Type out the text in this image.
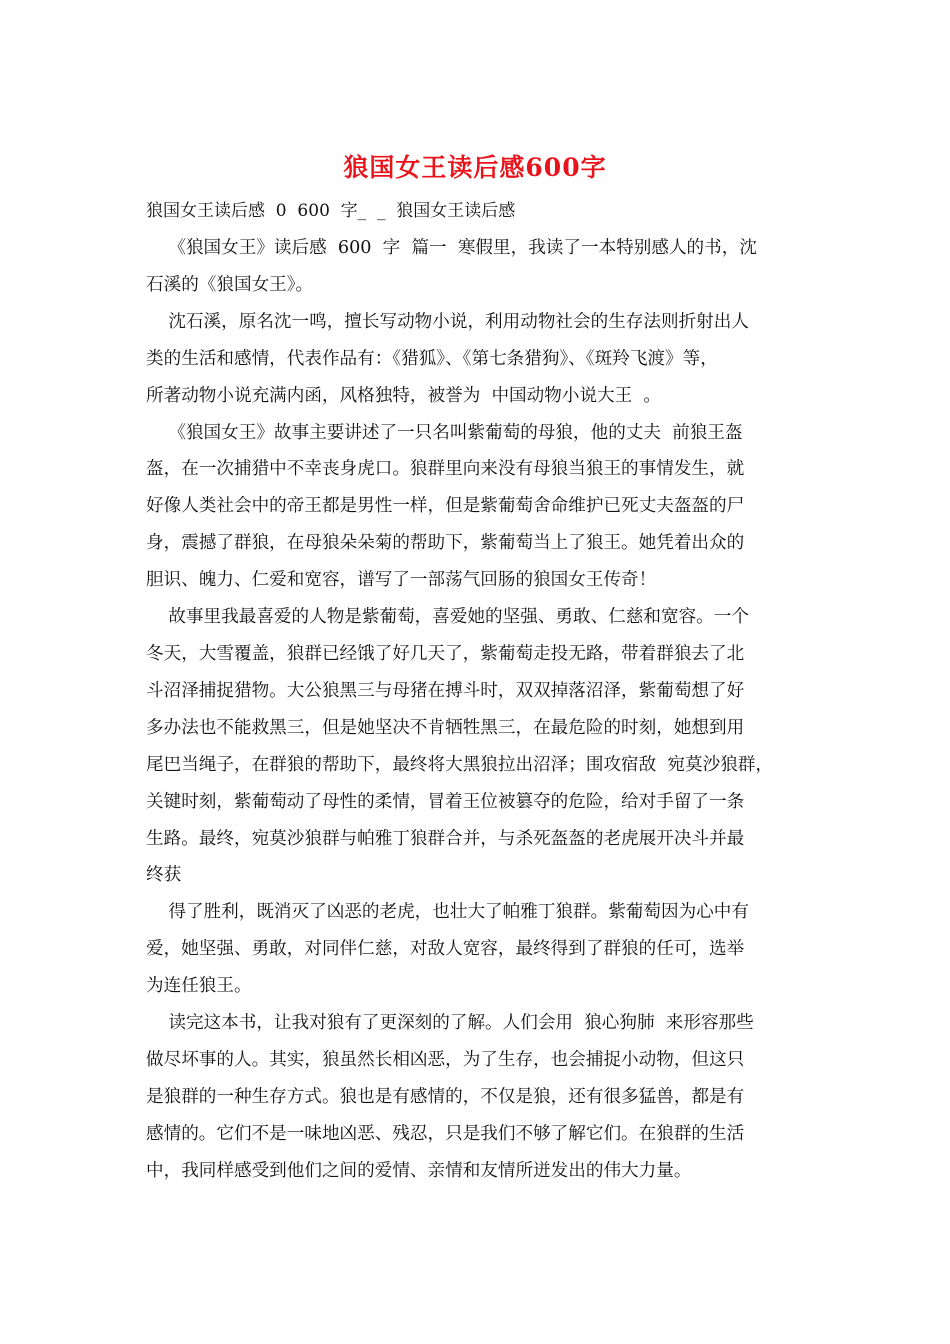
狼国女王读后感600字

狼国女王读后感  0  600  字_  _  狼国女王读后感

《狼国女王》读后感  600  字  篇一  寒假里，我读了一本特别感人的书，沈
石溪的《狼国女王》。

沈石溪，原名沈一鸣，擅长写动物小说，利用动物社会的生存法则折射出人
类的生活和感情，代表作品有：《猎狐》、《第七条猎狗》、《斑羚飞渡》等，
所著动物小说充满内函，风格独特，被誉为  中国动物小说大王  。

《狼国女王》故事主要讲述了一只名叫紫葡萄的母狼，他的丈夫  前狼王盔
盔，在一次捕猎中不幸丧身虎口。狼群里向来没有母狼当狼王的事情发生，就
好像人类社会中的帝王都是男性一样，但是紫葡萄舍命维护已死丈夫盔盔的尸
身，震撼了群狼，在母狼朵朵菊的帮助下，紫葡萄当上了狼王。她凭着出众的
胆识、魄力、仁爱和宽容，谱写了一部荡气回肠的狼国女王传奇！

故事里我最喜爱的人物是紫葡萄，喜爱她的坚强、勇敢、仁慈和宽容。一个
冬天，大雪覆盖，狼群已经饿了好几天了，紫葡萄走投无路，带着群狼去了北
斗沼泽捕捉猎物。大公狼黑三与母猪在搏斗时，双双掉落沼泽，紫葡萄想了好
多办法也不能救黑三，但是她坚决不肯牺牲黑三，在最危险的时刻，她想到用
尾巴当绳子，在群狼的帮助下，最终将大黑狼拉出沼泽；围攻宿敌  宛莫沙狼群，
关键时刻，紫葡萄动了母性的柔情，冒着王位被篡夺的危险，给对手留了一条
生路。最终，宛莫沙狼群与帕雅丁狼群合并，与杀死盔盔的老虎展开决斗并最
终获

得了胜利，既消灭了凶恶的老虎，也壮大了帕雅丁狼群。紫葡萄因为心中有
爱，她坚强、勇敢，对同伴仁慈，对敌人宽容，最终得到了群狼的任可，选举
为连任狼王。

读完这本书，让我对狼有了更深刻的了解。人们会用  狼心狗肺  来形容那些
做尽坏事的人。其实，狼虽然长相凶恶，为了生存，也会捕捉小动物，但这只
是狼群的一种生存方式。狼也是有感情的，不仅是狼，还有很多猛兽，都是有
感情的。它们不是一味地凶恶、残忍，只是我们不够了解它们。在狼群的生活
中，我同样感受到他们之间的爱情、亲情和友情所迸发出的伟大力量。
